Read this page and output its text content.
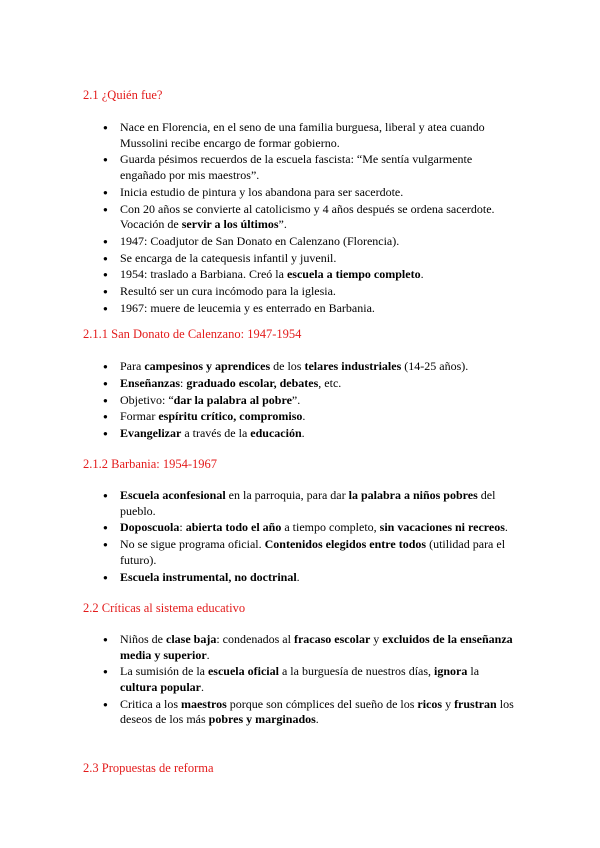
2.1 ¿Quién fue?
● Nace en Florencia, en el seno de una familia burguesa, liberal y atea cuando Mussolini recibe encargo de formar gobierno.
● Guarda pésimos recuerdos de la escuela fascista: “Me sentía vulgarmente engañado por mis maestros”.
● Inicia estudio de pintura y los abandona para ser sacerdote.
● Con 20 años se convierte al catolicismo y 4 años después se ordena sacerdote. Vocación de servir a los últimos”.
● 1947: Coadjutor de San Donato en Calenzano (Florencia).
● Se encarga de la catequesis infantil y juvenil.
● 1954: traslado a Barbiana. Creó la escuela a tiempo completo.
● Resultó ser un cura incómodo para la iglesia.
● 1967: muere de leucemia y es enterrado en Barbania.
2.1.1 San Donato de Calenzano: 1947-1954
● Para campesinos y aprendices de los telares industriales (14-25 años).
● Enseñanzas: graduado escolar, debates, etc.
● Objetivo: “dar la palabra al pobre”.
● Formar espíritu crítico, compromiso.
● Evangelizar a través de la educación.
2.1.2 Barbania: 1954-1967
● Escuela aconfesional en la parroquia, para dar la palabra a niños pobres del pueblo.
● Doposcuola: abierta todo el año a tiempo completo, sin vacaciones ni recreos.
● No se sigue programa oficial. Contenidos elegidos entre todos (utilidad para el futuro).
● Escuela instrumental, no doctrinal.
2.2 Críticas al sistema educativo
● Niños de clase baja: condenados al fracaso escolar y excluidos de la enseñanza media y superior.
● La sumisión de la escuela oficial a la burguesía de nuestros días, ignora la cultura popular.
● Critica a los maestros porque son cómplices del sueño de los ricos y frustran los deseos de los más pobres y marginados.
2.3 Propuestas de reforma
